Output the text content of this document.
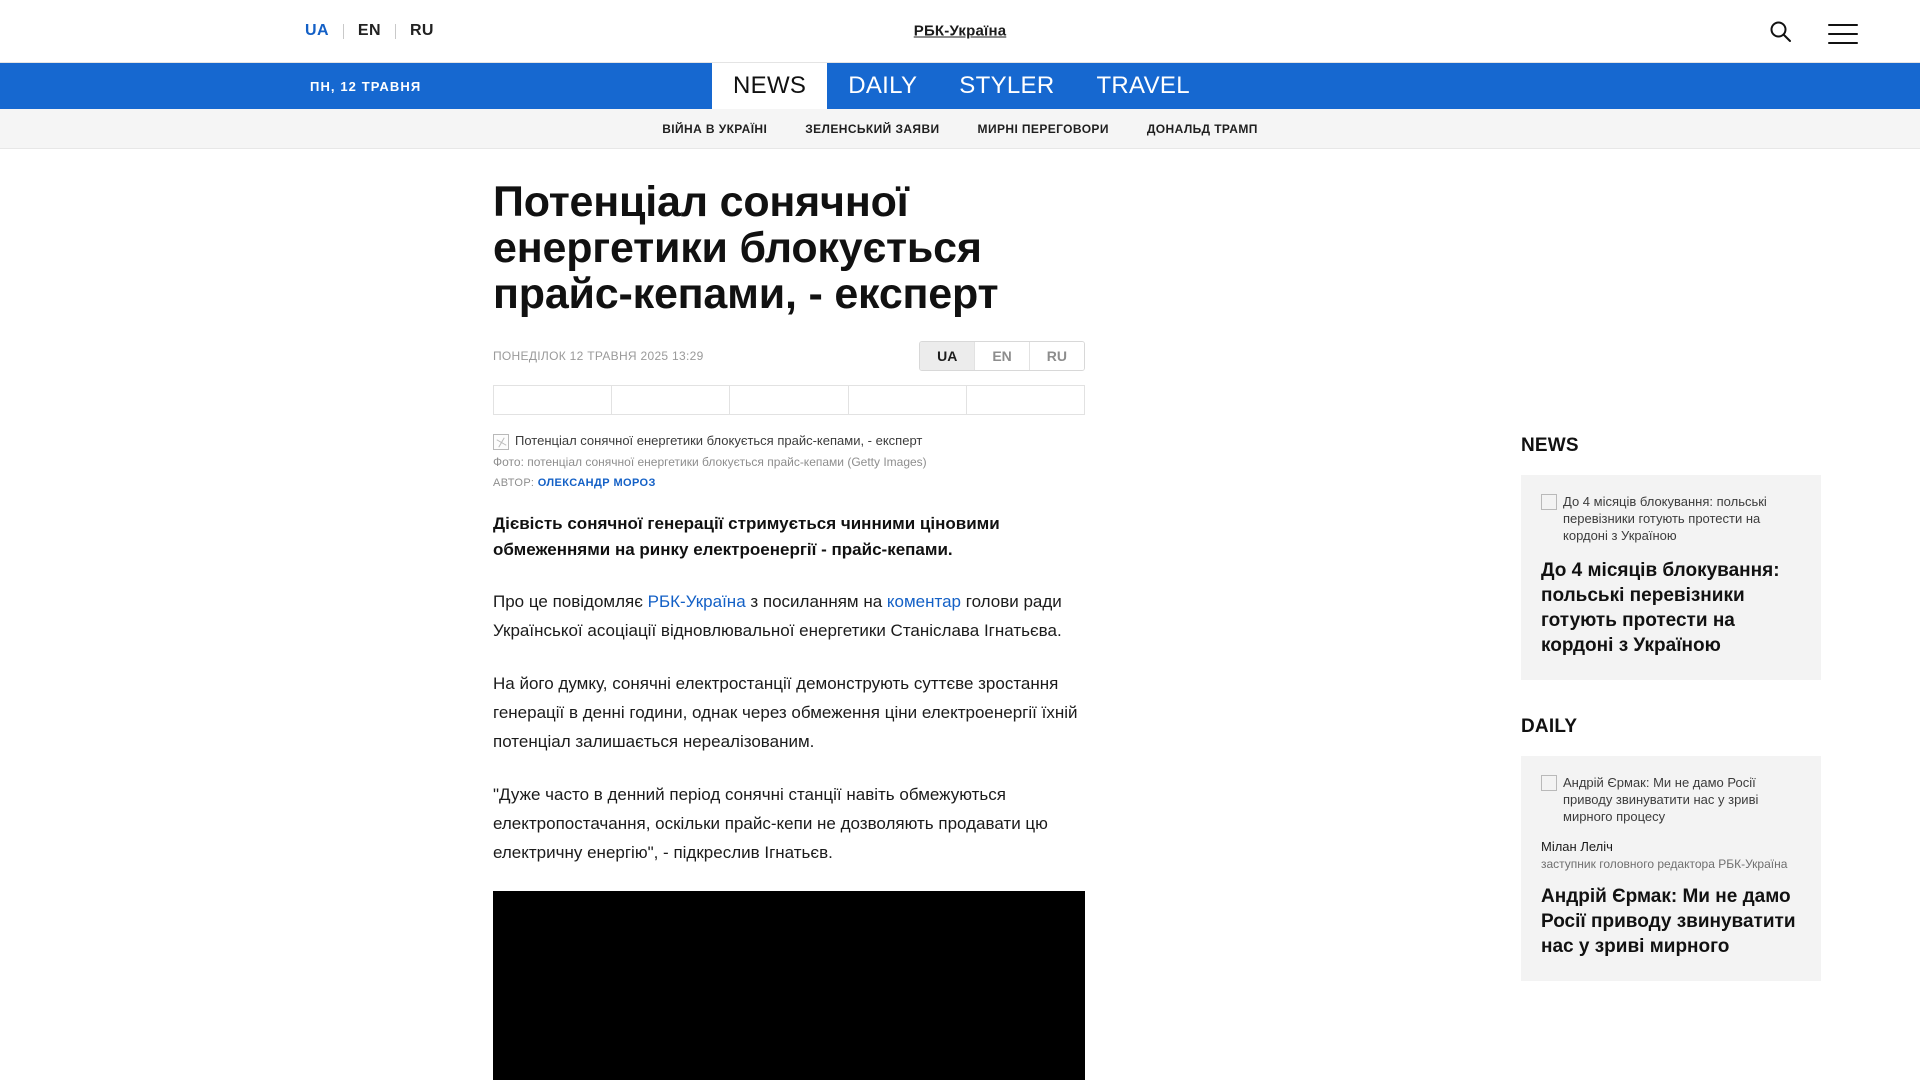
UA	EN	RU	РБК-Україна
ПН, 12 ТРАВНЯ	NEWS	DAILY	STYLER	TRAVEL
ВІЙНА В УКРАЇНІ	ЗЕЛЕНСЬКИЙ ЗАЯВИ	МИРНІ ПЕРЕГОВОРИ	ДОНАЛЬД ТРАМП
Потенціал сонячної енергетики блокується прайс-кепами, - експерт
ПОНЕДІЛОК 12 ТРАВНЯ 2025 13:29	UA	EN	RU
Потенціал сонячної енергетики блокується прайс-кепами, - експерт
Фото: потенціал сонячної енергетики блокується прайс-кепами (Getty Images)
АВТОР: ОЛЕКСАНДР МОРОЗ

Дієвість сонячної генерації стримується чинними ціновими обмеженнями на ринку електроенергії - прайс-кепами.

Про це повідомляє РБК-Україна з посиланням на коментар голови ради Української асоціації відновлювальної енергетики Станіслава Ігнатьєва.

На його думку, сонячні електростанції демонструють суттєве зростання генерації в денні години, однак через обмеження ціни електроенергії їхній потенціал залишається нереалізованим.

"Дуже часто в денний період сонячні станції навіть обмежуються електропостачання, оскільки прайс-кепи не дозволяють продавати цю електричну енергію", - підкреслив Ігнатьєв.

NEWS
До 4 місяців блокування: польські перевізники готують протести на кордоні з Україною
До 4 місяців блокування: польські перевізники готують протести на кордоні з Україною
DAILY
Андрій Єрмак: Ми не дамо Росії приводу звинуватити нас у зриві мирного процесу
Мілан Леліч
заступник головного редактора РБК-Україна
Андрій Єрмак: Ми не дамо Росії приводу звинуватити нас у зриві мирного
